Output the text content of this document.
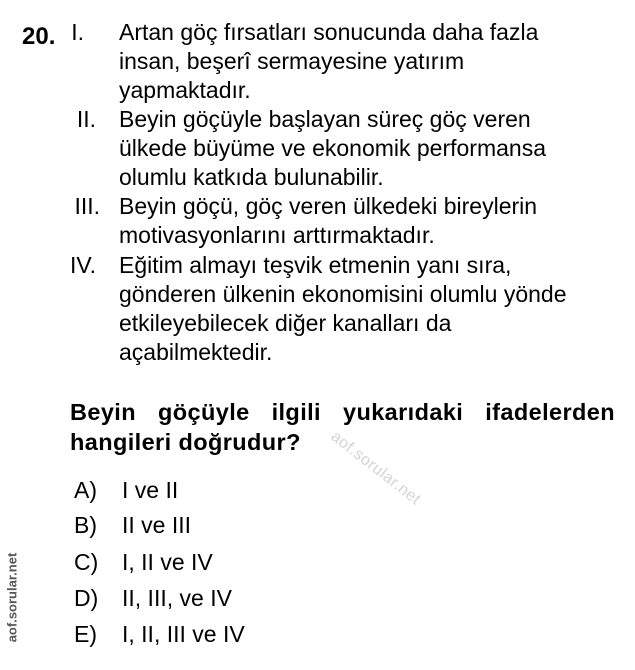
20. I. Artan göç fırsatları sonucunda daha fazla
insan, beşerî sermayesine yatırım
yapmaktadır.
II. Beyin göçüyle başlayan süreç göç veren
ülkede büyüme ve ekonomik performansa
olumlu katkıda bulunabilir.
III. Beyin göçü, göç veren ülkedeki bireylerin
motivasyonlarını arttırmaktadır.
IV. Eğitim almayı teşvik etmenin yanı sıra,
gönderen ülkenin ekonomisini olumlu yönde
etkileyebilecek diğer kanalları da
açabilmektedir.
Beyin göçüyle ilgili yukarıdaki ifadelerden
hangileri doğrudur?
A) I ve II
B) II ve III
C) I, II ve IV
D) II, III, ve IV
E) I, II, III ve IV
aof.sorular.net
aof.sorular.net
